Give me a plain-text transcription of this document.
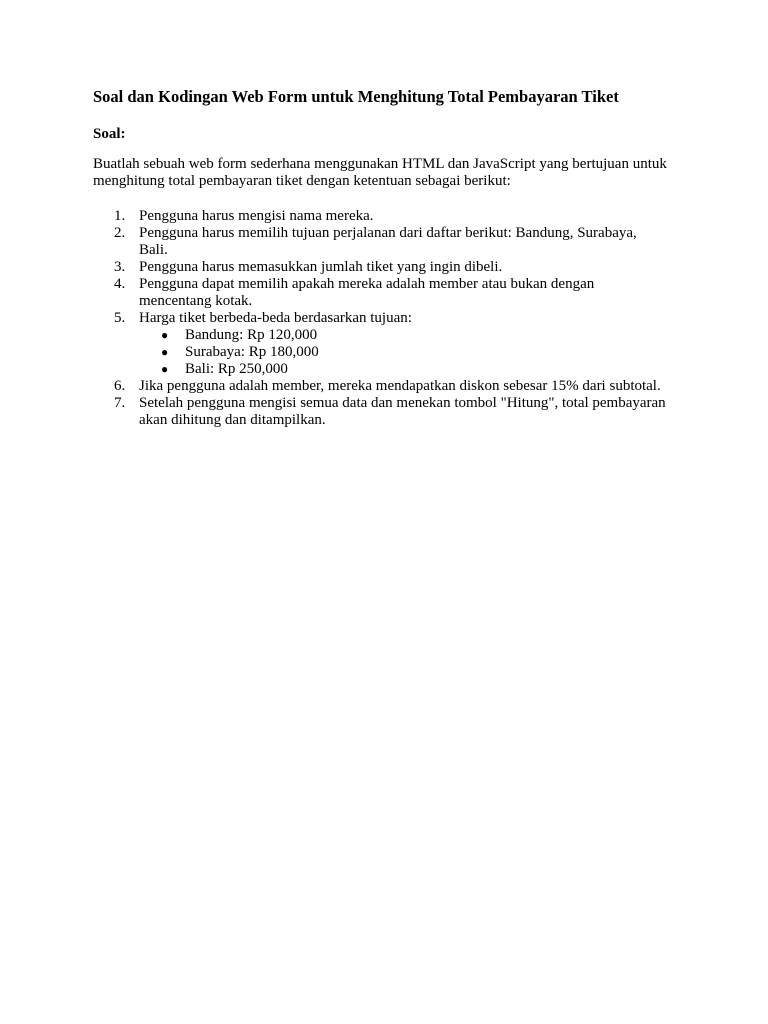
Soal dan Kodingan Web Form untuk Menghitung Total Pembayaran Tiket

Soal:

Buatlah sebuah web form sederhana menggunakan HTML dan JavaScript yang bertujuan untuk menghitung total pembayaran tiket dengan ketentuan sebagai berikut:

1. Pengguna harus mengisi nama mereka.
2. Pengguna harus memilih tujuan perjalanan dari daftar berikut: Bandung, Surabaya, Bali.
3. Pengguna harus memasukkan jumlah tiket yang ingin dibeli.
4. Pengguna dapat memilih apakah mereka adalah member atau bukan dengan mencentang kotak.
5. Harga tiket berbeda-beda berdasarkan tujuan:
● Bandung: Rp 120,000
● Surabaya: Rp 180,000
● Bali: Rp 250,000
6. Jika pengguna adalah member, mereka mendapatkan diskon sebesar 15% dari subtotal.
7. Setelah pengguna mengisi semua data dan menekan tombol "Hitung", total pembayaran akan dihitung dan ditampilkan.
